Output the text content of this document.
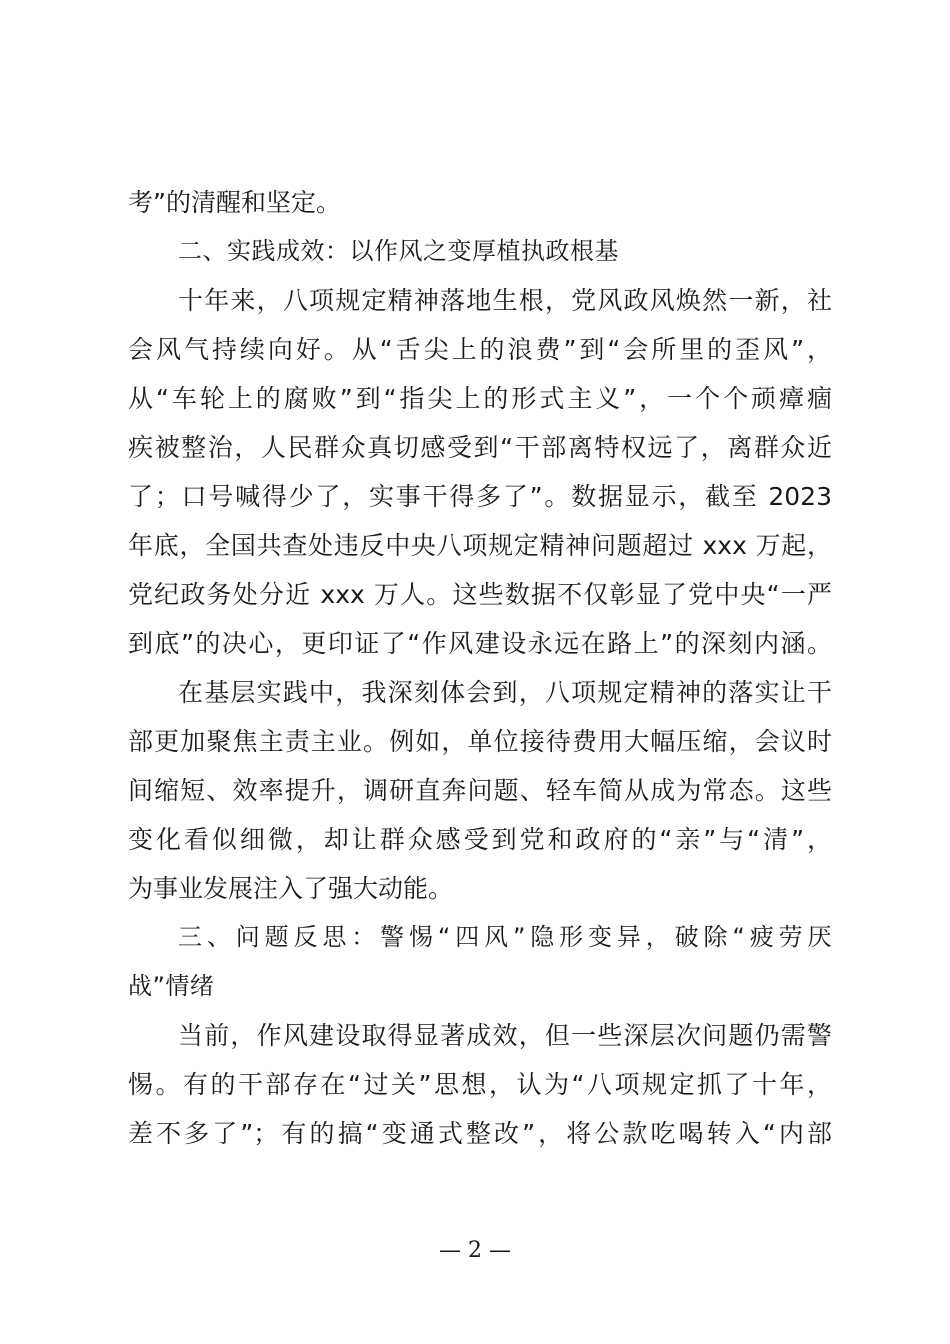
考”的清醒和坚定。
二、实践成效：以作风之变厚植执政根基
十年来，八项规定精神落地生根，党风政风焕然一新，社
会风气持续向好。从“舌尖上的浪费”到“会所里的歪风”，
从“车轮上的腐败”到“指尖上的形式主义”，一个个顽瘴痼
疾被整治，人民群众真切感受到“干部离特权远了，离群众近
了；口号喊得少了，实事干得多了”。数据显示，截至 2023
年底，全国共查处违反中央八项规定精神问题超过 xxx 万起，
党纪政务处分近 xxx 万人。这些数据不仅彰显了党中央“一严
到底”的决心，更印证了“作风建设永远在路上”的深刻内涵。
在基层实践中，我深刻体会到，八项规定精神的落实让干
部更加聚焦主责主业。例如，单位接待费用大幅压缩，会议时
间缩短、效率提升，调研直奔问题、轻车简从成为常态。这些
变化看似细微，却让群众感受到党和政府的“亲”与“清”，
为事业发展注入了强大动能。
三、问题反思：警惕“四风”隐形变异，破除“疲劳厌
战”情绪
当前，作风建设取得显著成效，但一些深层次问题仍需警
惕。有的干部存在“过关”思想，认为“八项规定抓了十年，
差不多了”；有的搞“变通式整改”，将公款吃喝转入“内部
— 2 —
